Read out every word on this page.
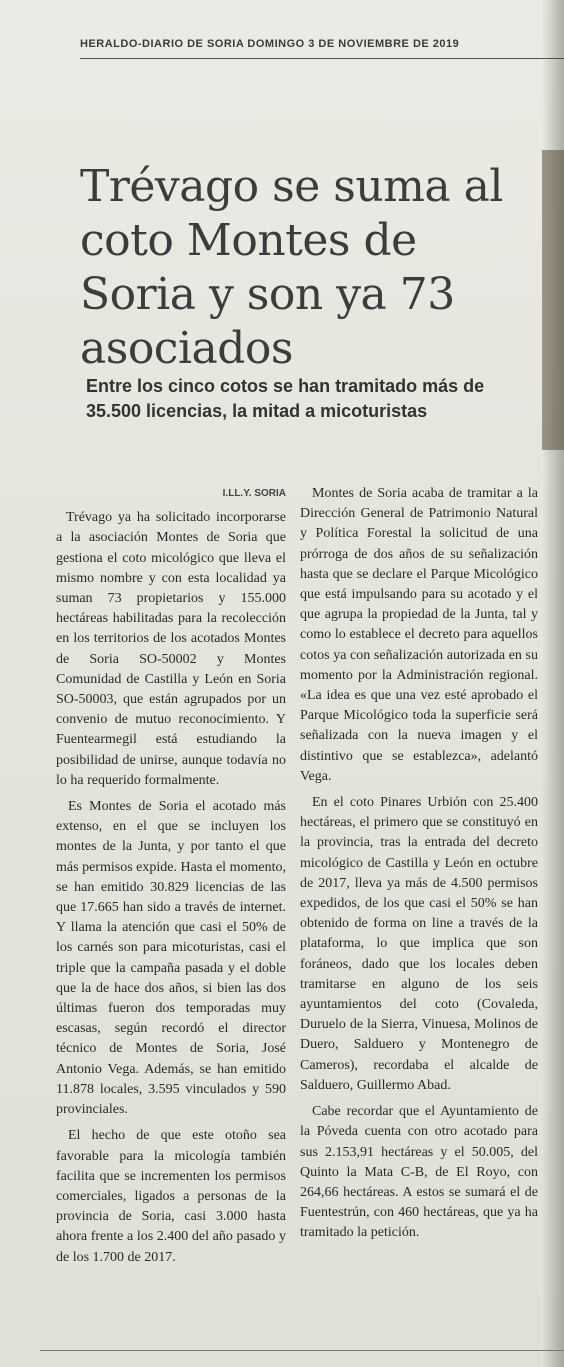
HERALDO-DIARIO DE SORIA DOMINGO 3 DE NOVIEMBRE DE 2019
Trévago se suma al coto Montes de Soria y son ya 73 asociados
Entre los cinco cotos se han tramitado más de 35.500 licencias, la mitad a micoturistas
I.LL.Y. SORIA

Trévago ya ha solicitado incorporarse a la asociación Montes de Soria que gestiona el coto micológico que lleva el mismo nombre y con esta localidad ya suman 73 propietarios y 155.000 hectáreas habilitadas para la recolección en los territorios de los acotados Montes de Soria SO-50002 y Montes Comunidad de Castilla y León en Soria SO-50003, que están agrupados por un convenio de mutuo reconocimiento. Y Fuentearmegil está estudiando la posibilidad de unirse, aunque todavía no lo ha requerido formalmente.

Es Montes de Soria el acotado más extenso, en el que se incluyen los montes de la Junta, y por tanto el que más permisos expide. Hasta el momento, se han emitido 30.829 licencias de las que 17.665 han sido a través de internet. Y llama la atención que casi el 50% de los carnés son para micoturistas, casi el triple que la campaña pasada y el doble que la de hace dos años, si bien las dos últimas fueron dos temporadas muy escasas, según recordó el director técnico de Montes de Soria, José Antonio Vega. Además, se han emitido 11.878 locales, 3.595 vinculados y 590 provinciales.

El hecho de que este otoño sea favorable para la micología también facilita que se incrementen los permisos comerciales, ligados a personas de la provincia de Soria, casi 3.000 hasta ahora frente a los 2.400 del año pasado y de los 1.700 de 2017.

Montes de Soria acaba de tramitar a la Dirección General de Patrimonio Natural y Política Forestal la solicitud de una prórroga de dos años de su señalización hasta que se declare el Parque Micológico que está impulsando para su acotado y el que agrupa la propiedad de la Junta, tal y como lo establece el decreto para aquellos cotos ya con señalización autorizada en su momento por la Administración regional. «La idea es que una vez esté aprobado el Parque Micológico toda la superficie será señalizada con la nueva imagen y el distintivo que se establezca», adelantó Vega.

En el coto Pinares Urbión con 25.400 hectáreas, el primero que se constituyó en la provincia, tras la entrada del decreto micológico de Castilla y León en octubre de 2017, lleva ya más de 4.500 permisos expedidos, de los que casi el 50% se han obtenido de forma on line a través de la plataforma, lo que implica que son foráneos, dado que los locales deben tramitarse en alguno de los seis ayuntamientos del coto (Covaleda, Duruelo de la Sierra, Vinuesa, Molinos de Duero, Salduero y Montenegro de Cameros), recordaba el alcalde de Salduero, Guillermo Abad.

Cabe recordar que el Ayuntamiento de la Póveda cuenta con otro acotado para sus 2.153,91 hectáreas y el 50.005, del Quinto la Mata C-B, de El Royo, con 264,66 hectáreas. A estos se sumará el de Fuentestrún, con 460 hectáreas, que ya ha tramitado la petición.
